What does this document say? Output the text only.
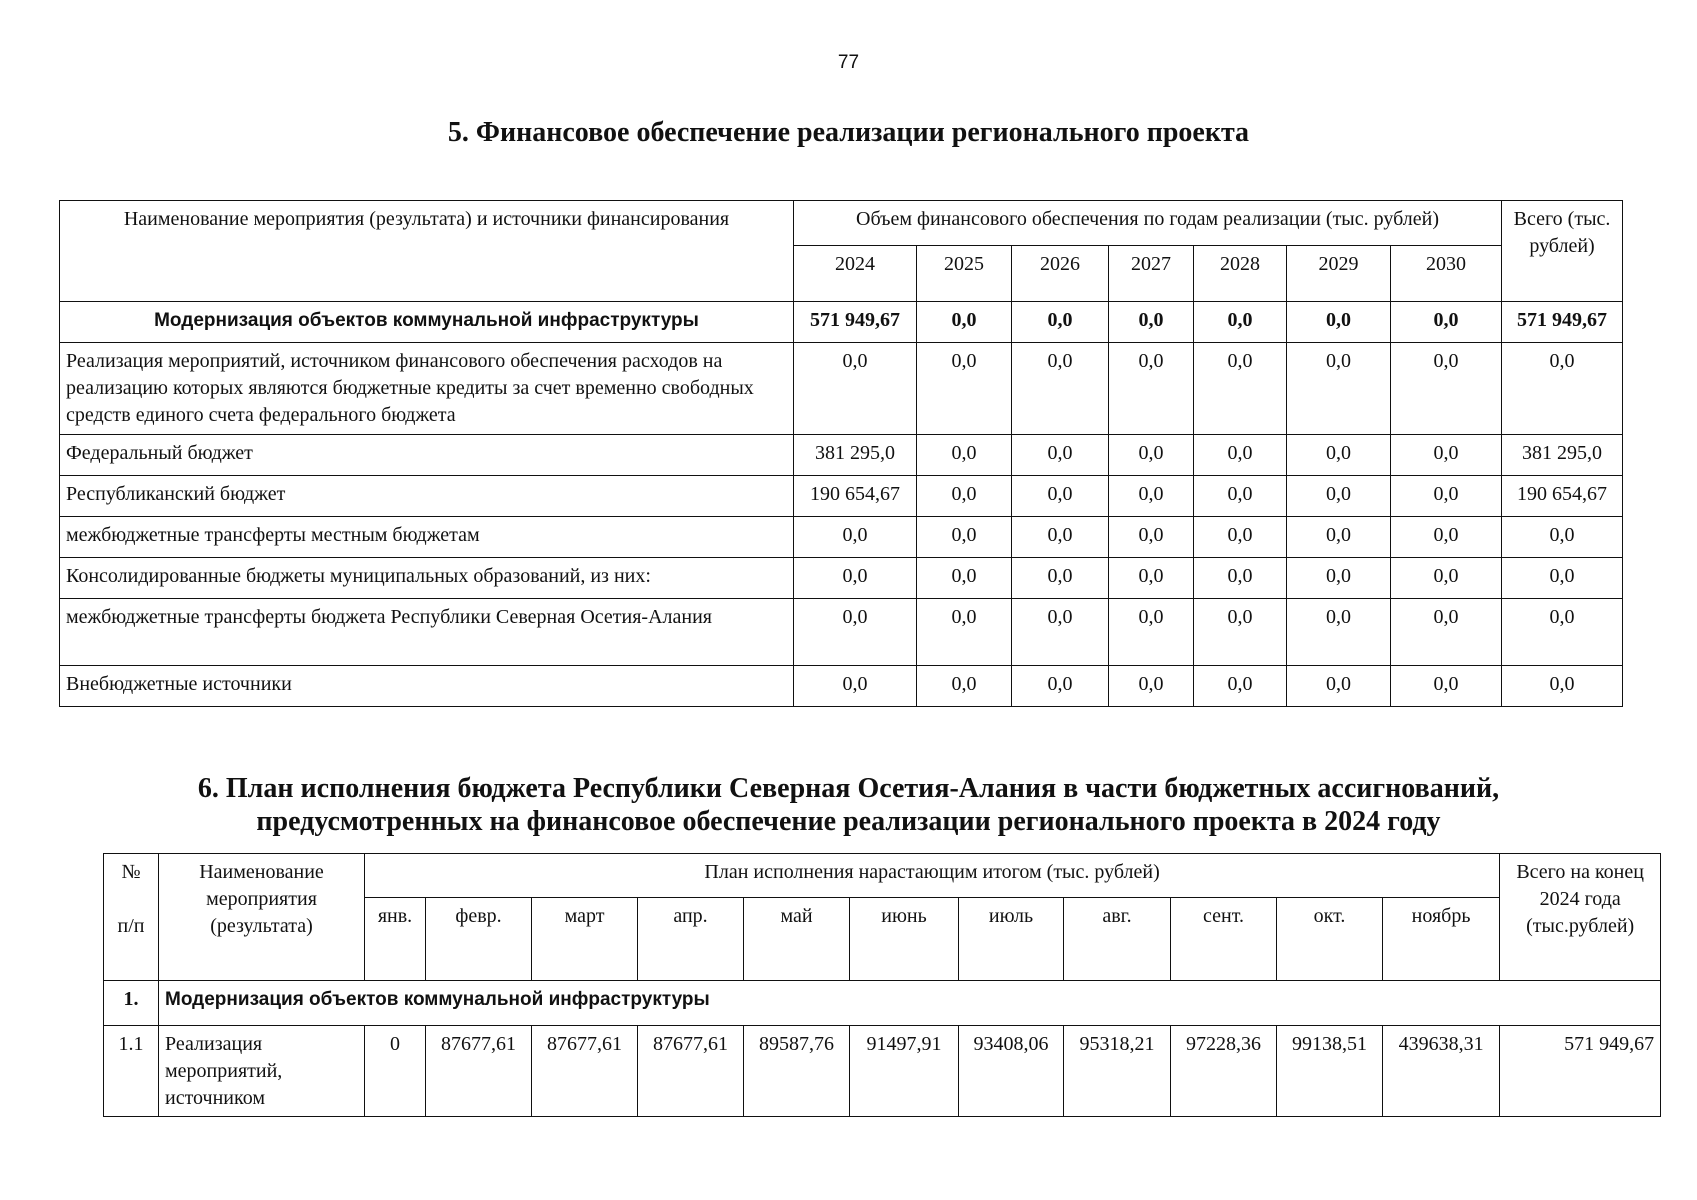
77
5. Финансовое обеспечение реализации регионального проекта
Наименование мероприятия (результата) и источники финансирования	Объем финансового обеспечения по годам реализации (тыс. рублей)							Всего (тыс. рублей)
	2024	2025	2026	2027	2028	2029	2030	
Модернизация объектов коммунальной инфраструктуры	571 949,67	0,0	0,0	0,0	0,0	0,0	0,0	571 949,67
Реализация мероприятий, источником финансового обеспечения расходов на реализацию которых являются бюджетные кредиты за счет временно свободных средств единого счета федерального бюджета	0,0	0,0	0,0	0,0	0,0	0,0	0,0	0,0
Федеральный бюджет	381 295,0	0,0	0,0	0,0	0,0	0,0	0,0	381 295,0
Республиканский бюджет	190 654,67	0,0	0,0	0,0	0,0	0,0	0,0	190 654,67
межбюджетные трансферты местным бюджетам	0,0	0,0	0,0	0,0	0,0	0,0	0,0	0,0
Консолидированные бюджеты муниципальных образований, из них:	0,0	0,0	0,0	0,0	0,0	0,0	0,0	0,0
межбюджетные трансферты бюджета Республики Северная Осетия-Алания	0,0	0,0	0,0	0,0	0,0	0,0	0,0	0,0
Внебюджетные источники	0,0	0,0	0,0	0,0	0,0	0,0	0,0	0,0
6. План исполнения бюджета Республики Северная Осетия-Алания в части бюджетных ассигнований,
предусмотренных на финансовое обеспечение реализации регионального проекта в 2024 году
№

п/п	Наименование мероприятия (результата)	План исполнения нарастающим итогом (тыс. рублей)											Всего на конец 2024 года (тыс.рублей)
		янв.	февр.	март	апр.	май	июнь	июль	авг.	сент.	окт.	ноябрь	
1.	Модернизация объектов коммунальной инфраструктуры												
1.1	Реализация мероприятий, источником	0	87677,61	87677,61	87677,61	89587,76	91497,91	93408,06	95318,21	97228,36	99138,51	439638,31	571 949,67
